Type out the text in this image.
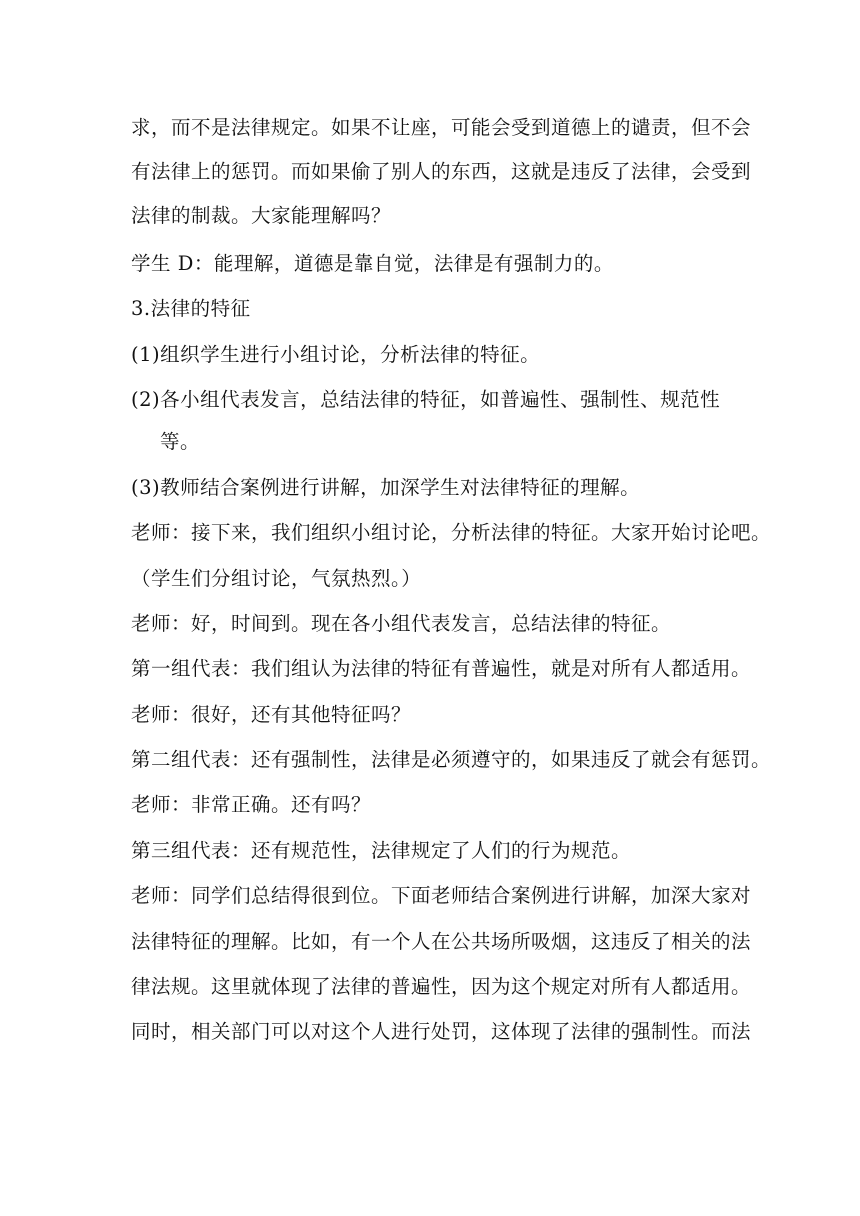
求，而不是法律规定。如果不让座，可能会受到道德上的谴责，但不会
有法律上的惩罚。而如果偷了别人的东西，这就是违反了法律，会受到
法律的制裁。大家能理解吗？
学生 D：能理解，道德是靠自觉，法律是有强制力的。
3.法律的特征
(1)组织学生进行小组讨论，分析法律的特征。
(2)各小组代表发言，总结法律的特征，如普遍性、强制性、规范性
等。
(3)教师结合案例进行讲解，加深学生对法律特征的理解。
老师：接下来，我们组织小组讨论，分析法律的特征。大家开始讨论吧。
（学生们分组讨论，气氛热烈。）
老师：好，时间到。现在各小组代表发言，总结法律的特征。
第一组代表：我们组认为法律的特征有普遍性，就是对所有人都适用。
老师：很好，还有其他特征吗？
第二组代表：还有强制性，法律是必须遵守的，如果违反了就会有惩罚。
老师：非常正确。还有吗？
第三组代表：还有规范性，法律规定了人们的行为规范。
老师：同学们总结得很到位。下面老师结合案例进行讲解，加深大家对
法律特征的理解。比如，有一个人在公共场所吸烟，这违反了相关的法
律法规。这里就体现了法律的普遍性，因为这个规定对所有人都适用。
同时，相关部门可以对这个人进行处罚，这体现了法律的强制性。而法
